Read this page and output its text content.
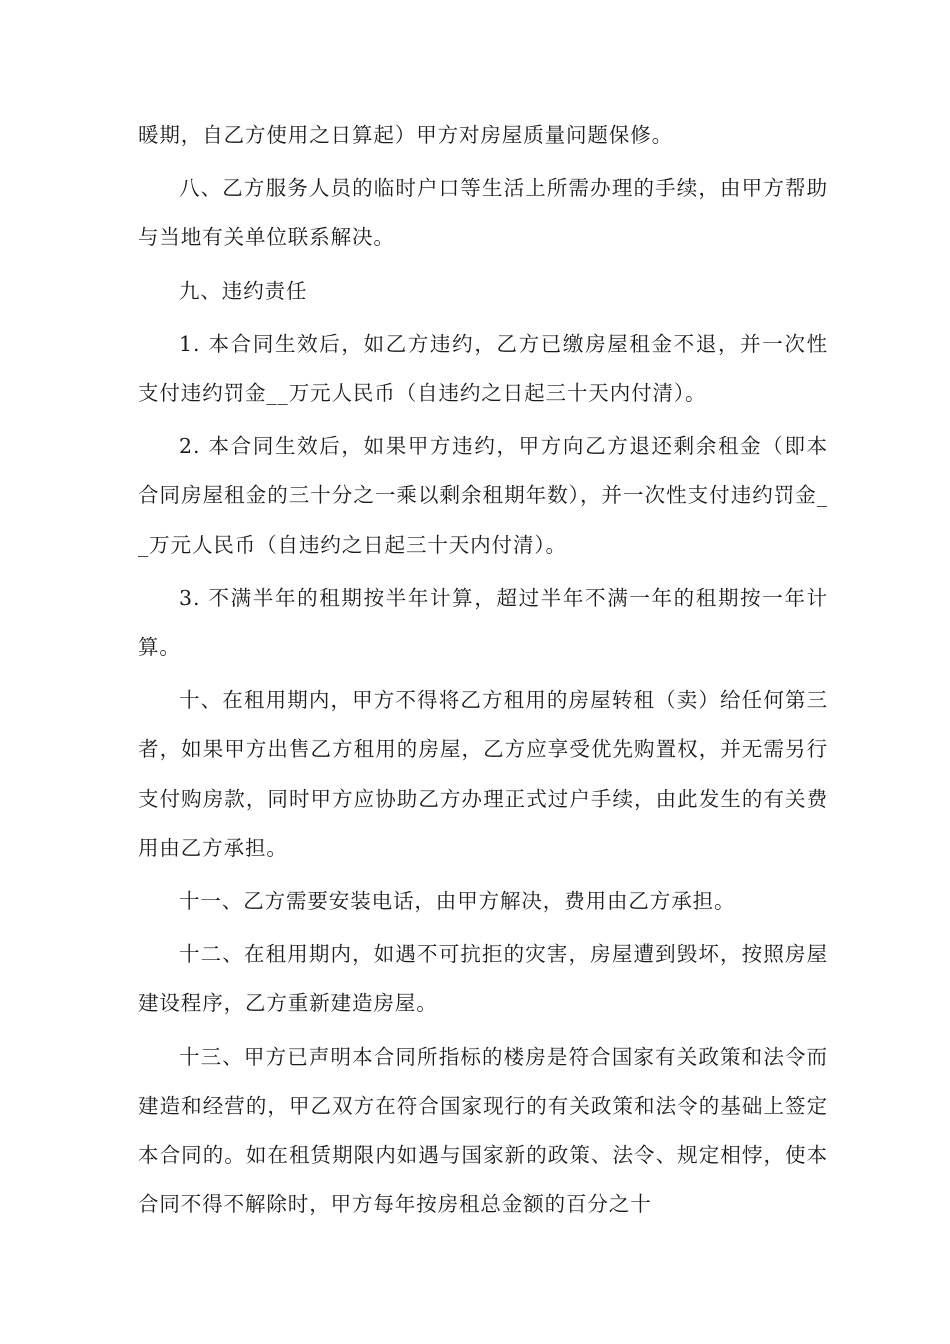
暖期，自乙方使用之日算起）甲方对房屋质量问题保修。

八、乙方服务人员的临时户口等生活上所需办理的手续，由甲方帮助与当地有关单位联系解决。

九、违约责任

1. 本合同生效后，如乙方违约，乙方已缴房屋租金不退，并一次性支付违约罚金__万元人民币（自违约之日起三十天内付清）。

2. 本合同生效后，如果甲方违约，甲方向乙方退还剩余租金（即本合同房屋租金的三十分之一乘以剩余租期年数），并一次性支付违约罚金__万元人民币（自违约之日起三十天内付清）。

3. 不满半年的租期按半年计算，超过半年不满一年的租期按一年计算。

十、在租用期内，甲方不得将乙方租用的房屋转租（卖）给任何第三者，如果甲方出售乙方租用的房屋，乙方应享受优先购置权，并无需另行支付购房款，同时甲方应协助乙方办理正式过户手续，由此发生的有关费用由乙方承担。

十一、乙方需要安装电话，由甲方解决，费用由乙方承担。

十二、在租用期内，如遇不可抗拒的灾害，房屋遭到毁坏，按照房屋建设程序，乙方重新建造房屋。

十三、甲方已声明本合同所指标的楼房是符合国家有关政策和法令而建造和经营的，甲乙双方在符合国家现行的有关政策和法令的基础上签定本合同的。如在租赁期限内如遇与国家新的政策、法令、规定相悖，使本合同不得不解除时，甲方每年按房租总金额的百分之十
